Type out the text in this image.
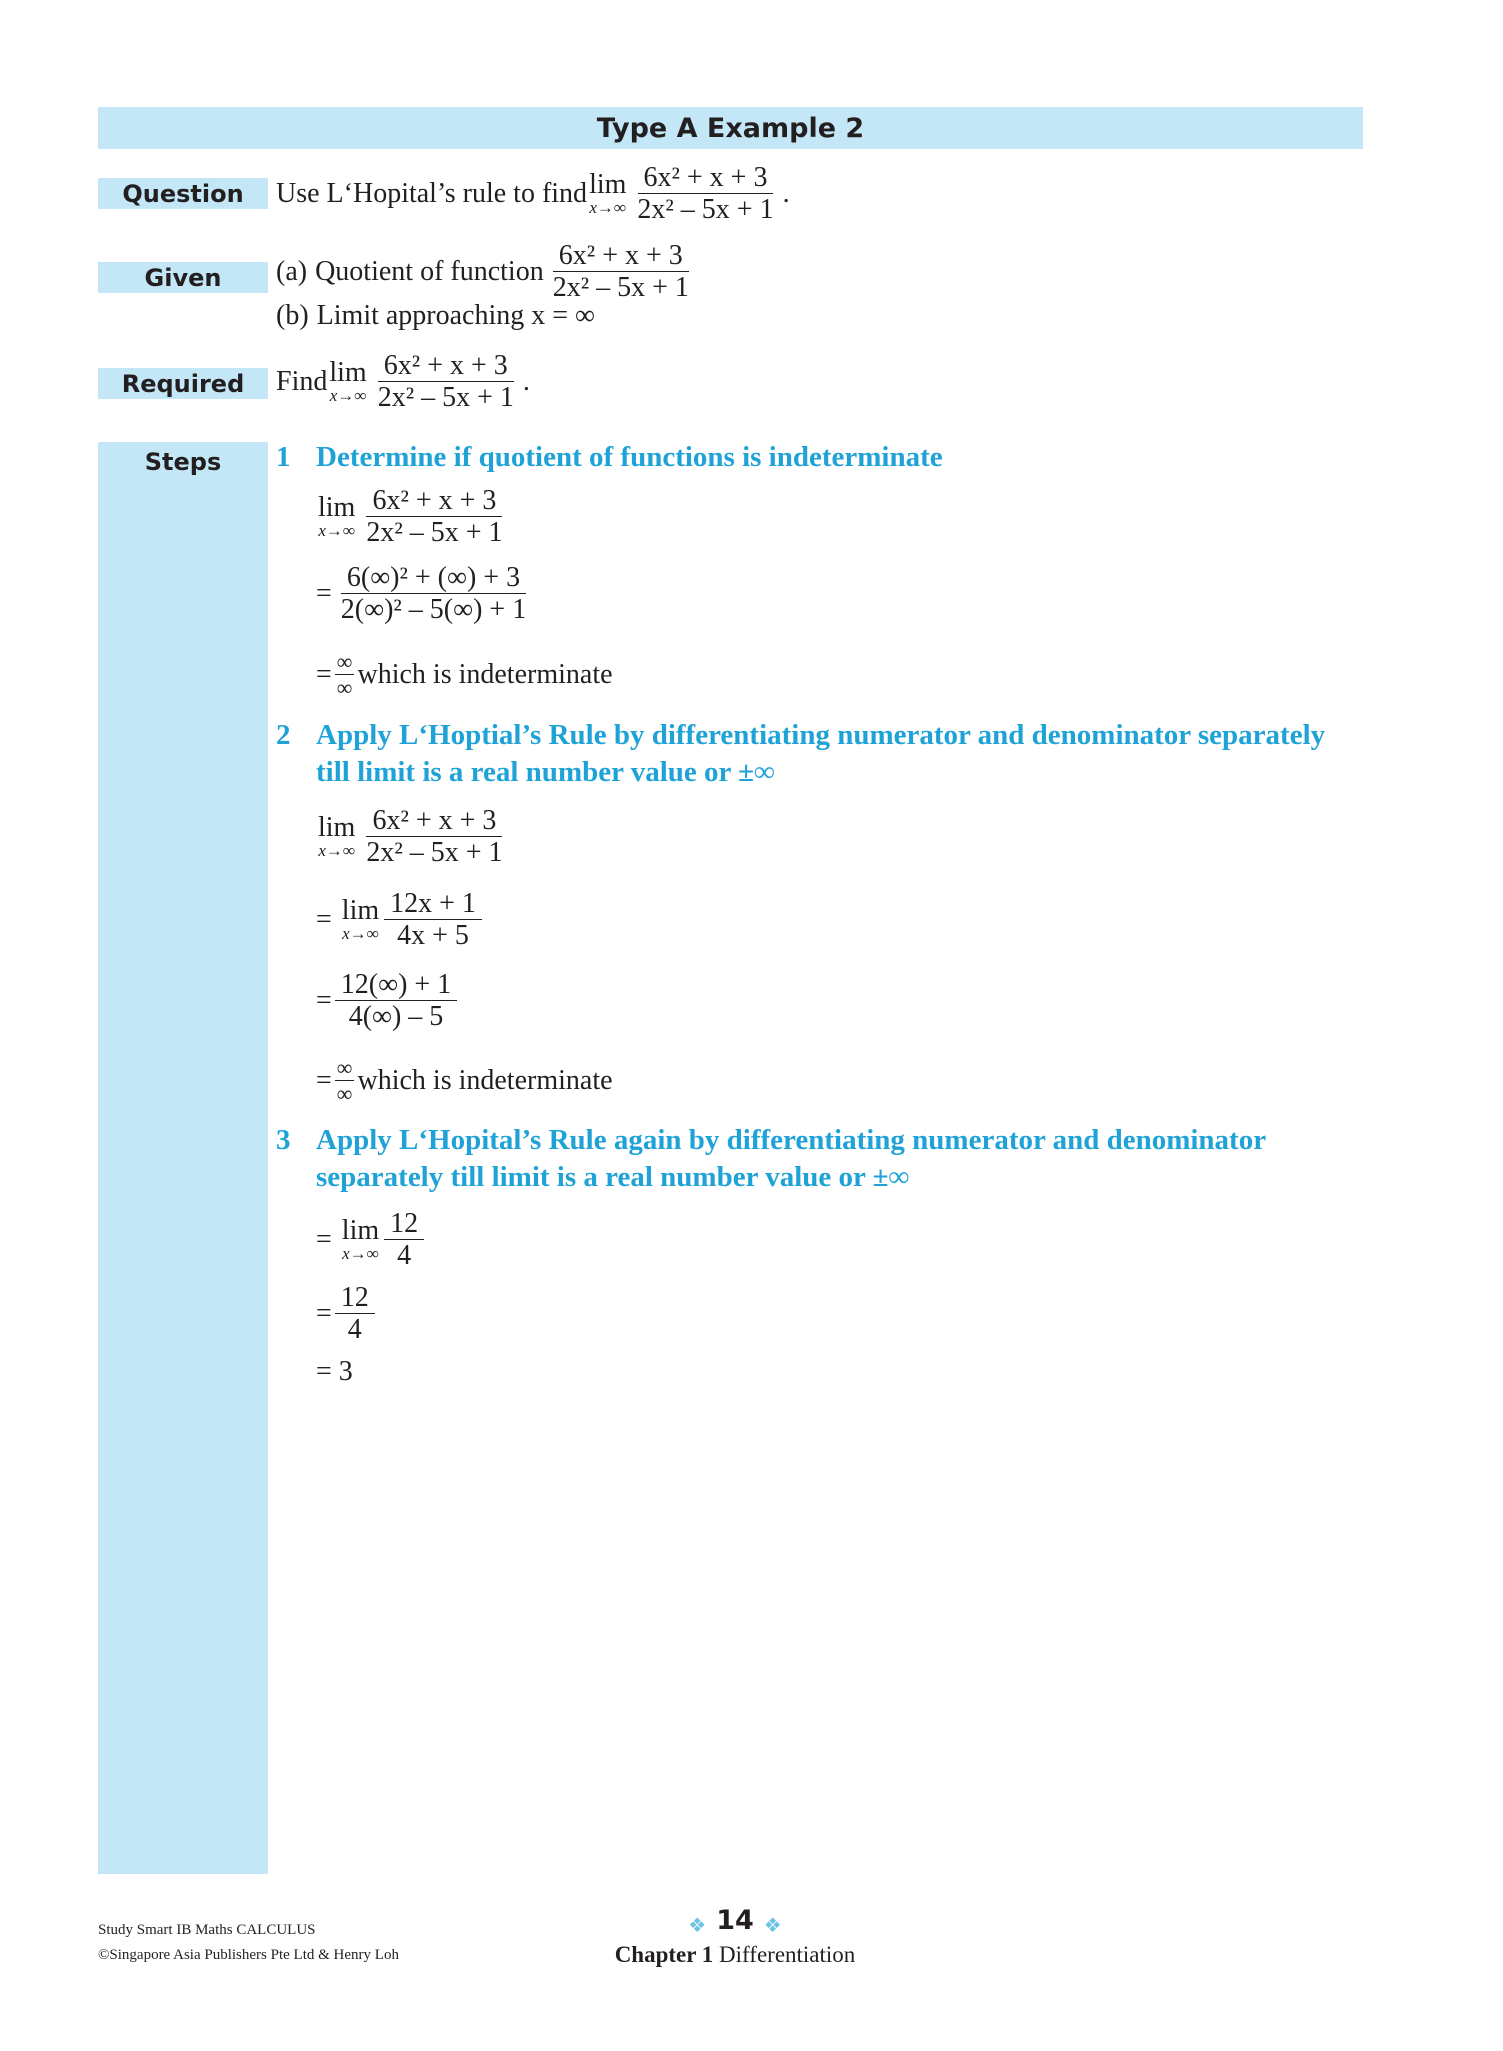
Type A Example 2
Question	Use L‘Hopital’s rule to find lim
$x\to\infty \frac{\text{6x² + x + 3}}{\text{2x² – 5x + 1}}$ .
Given	(a) Quotient of function $\frac{\text{6x² + x + 3}}{\text{2x² – 5x + 1}}$
(b) Limit approaching x = ∞
Required	Find lim
$x\to\infty \frac{\text{6x² + x + 3}}{\text{2x² – 5x + 1}}$ .
Steps	1 Determine if quotient of functions is indeterminate
lim
$x\to\infty \frac{\text{6x² + x + 3}}{\text{2x² – 5x + 1}}$
= $\frac{\text{6(∞)² + (∞) + 3}}{\text{2(∞)² – 5(∞) + 1}}$
= $\frac{\infty}{\infty}$ which is indeterminate
2 Apply L‘Hoptial’s Rule by differentiating numerator and denominator separately
till limit is a real number value or ±∞
lim
$x\to\infty \frac{\text{6x² + x + 3}}{\text{2x² – 5x + 1}}$
= lim
$x\to\infty \frac{12x + 1}{4x + 5}$
= $\frac{12(\infty) + 1}{4(\infty) - 5}$
= $\frac{\infty}{\infty}$ which is indeterminate
3 Apply L‘Hopital’s Rule again by differentiating numerator and denominator
separately till limit is a real number value or ±∞
= lim
$x\to\infty \frac{12}{4}$
= $\frac{12}{4}$
= 3
Study Smart IB Maths CALCULUS
©Singapore Asia Publishers Pte Ltd & Henry Loh
❖ 14 ❖
Chapter 1 Differentiation
